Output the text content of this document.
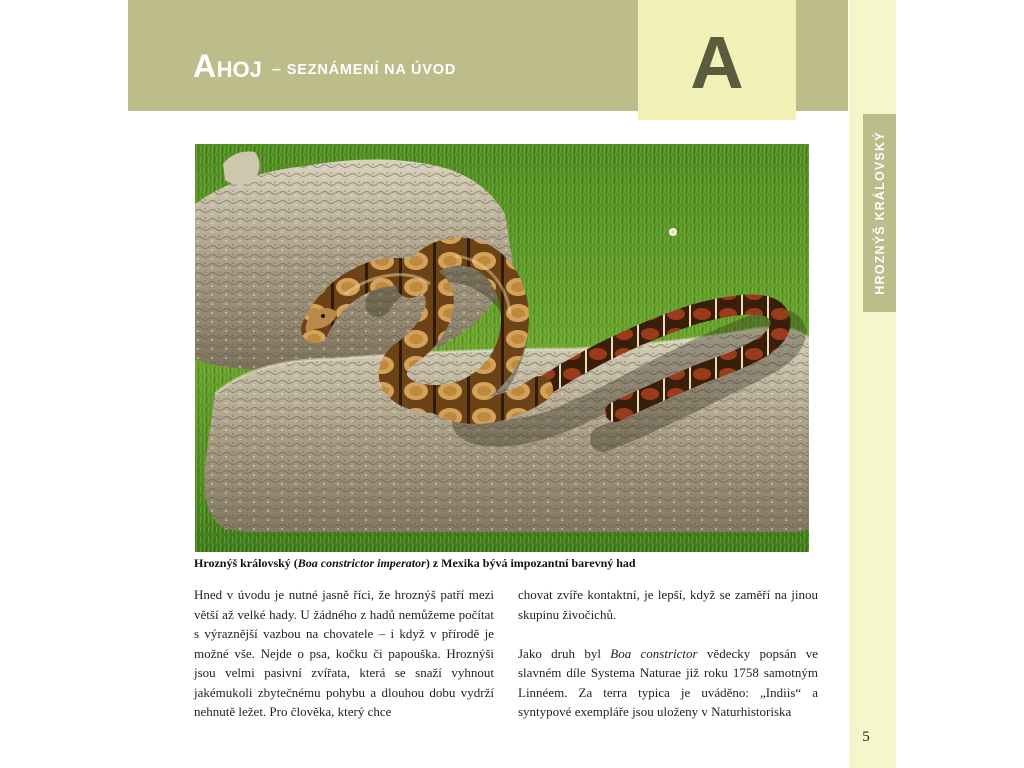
AHOJ – SEZNÁMENÍ NA ÚVOD	A
HROZNÝŠ KRÁLOVSKÝ
Hroznýš královský (Boa constrictor imperator) z Mexika bývá impozantní barevný had

Hned v úvodu je nutné jasně říci, že hroznýš patří mezi větší až velké hady. U žádného z hadů nemůžeme počítat s výraznější vazbou na chovatele – i když v přírodě je možné vše. Nejde o psa, kočku či papouška. Hroznýši jsou velmi pasivní zvířata, která se snaží vyhnout jakémukoli zbytečnému pohybu a dlouhou dobu vydrží nehnutě ležet. Pro člověka, který chce

chovat zvíře kontaktní, je lepší, když se zaměří na jinou skupinu živočichů.

Jako druh byl Boa constrictor vědecky popsán ve slavném díle Systema Naturae již roku 1758 samotným Linnéem. Za terra typica je uváděno: „Indiis“ a syntypové exempláře jsou uloženy v Naturhistoriska

5
